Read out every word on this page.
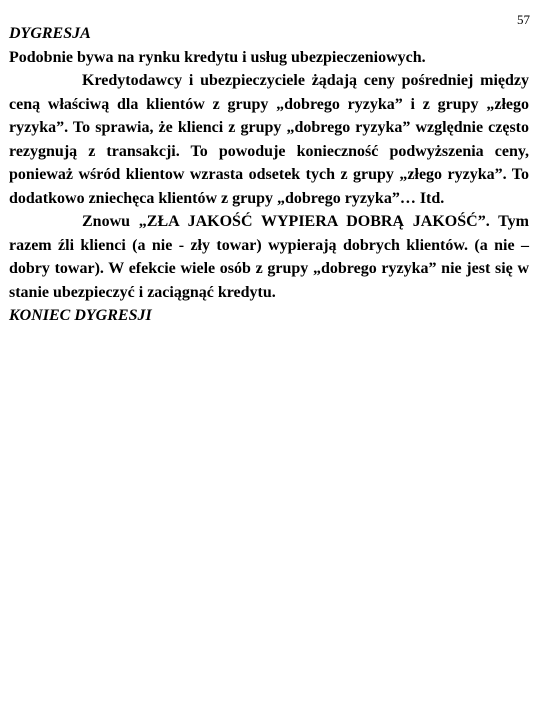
57

DYGRESJA

Podobnie bywa na rynku kredytu i usług ubezpieczeniowych.

Kredytodawcy i ubezpieczyciele żądają ceny pośredniej między ceną właściwą dla klientów z grupy „dobrego ryzyka” i z grupy „złego ryzyka”. To sprawia, że klienci z grupy „dobrego ryzyka” względnie często rezygnują z transakcji. To powoduje konieczność podwyższenia ceny, ponieważ wśród klientow wzrasta odsetek tych z grupy „złego ryzyka”. To dodatkowo zniechęca klientów z grupy „dobrego ryzyka”… Itd.

Znowu „ZŁA JAKOŚĆ WYPIERA DOBRĄ JAKOŚĆ”. Tym razem źli klienci (a nie - zły towar) wypierają dobrych klientów. (a nie – dobry towar). W efekcie wiele osób z grupy „dobrego ryzyka” nie jest się w stanie ubezpieczyć i zaciągnąć kredytu.

KONIEC DYGRESJI
